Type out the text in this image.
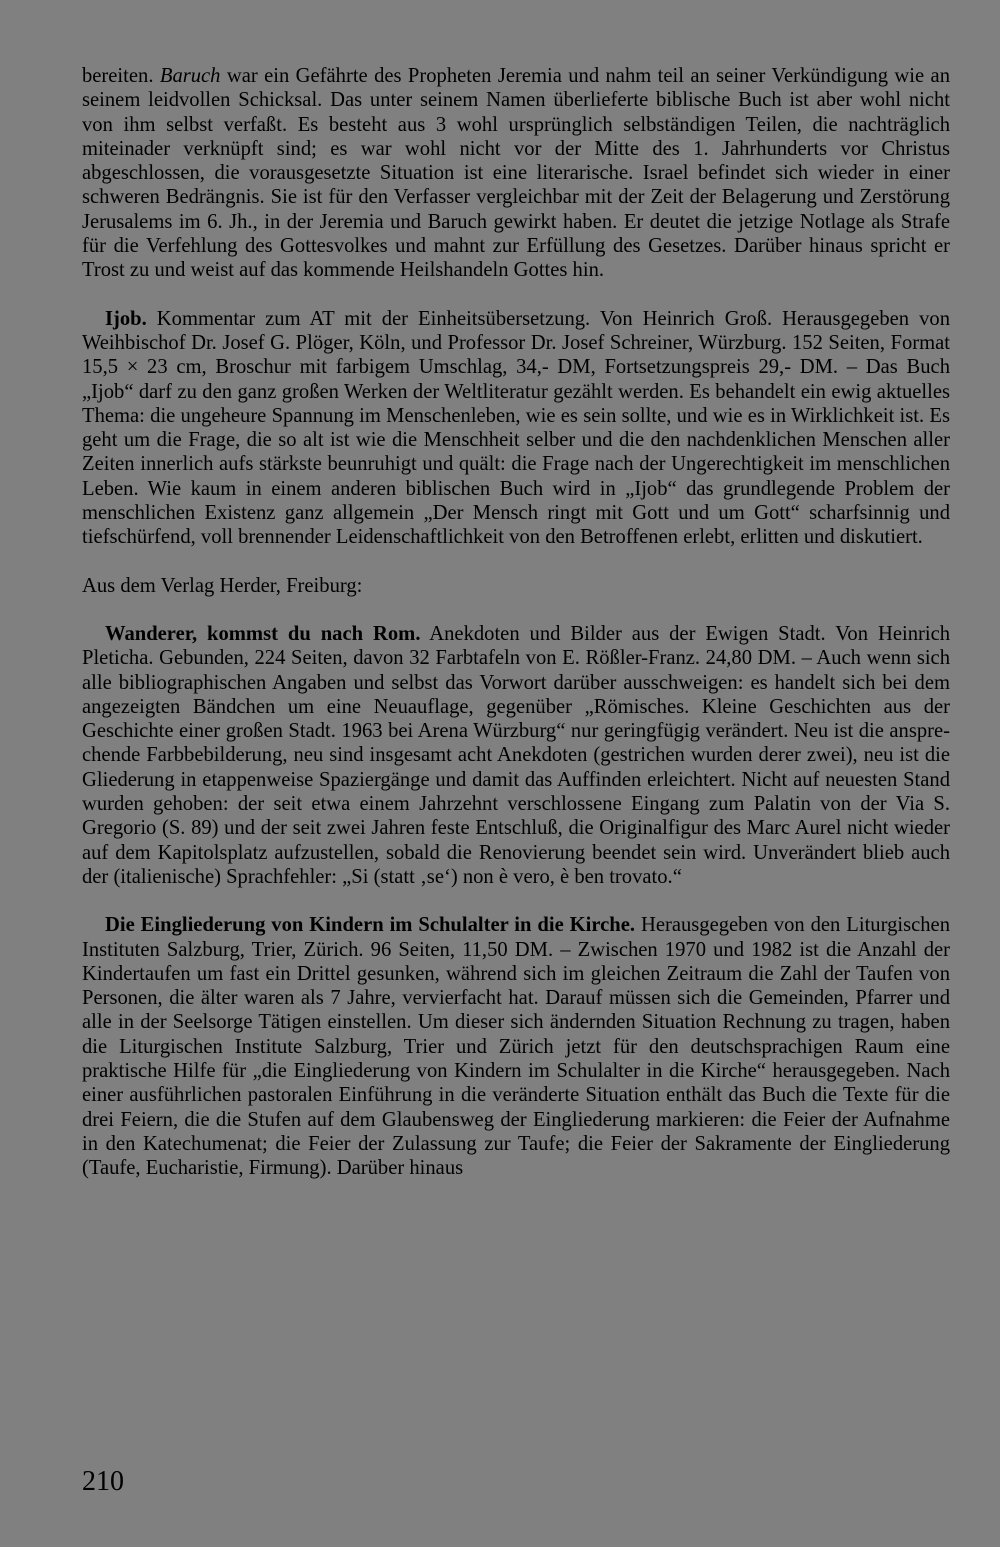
bereiten. Baruch war ein Gefährte des Propheten Jeremia und nahm teil an seiner Verkündigung wie an seinem leidvollen Schicksal. Das unter seinem Namen überlieferte biblische Buch ist aber wohl nicht von ihm selbst verfaßt. Es besteht aus 3 wohl ursprünglich selbständigen Teilen, die nachträglich miteinader verknüpft sind; es war wohl nicht vor der Mitte des 1. Jahrhunderts vor Christus abgeschlossen, die vorausgesetzte Situation ist eine literarische. Israel befindet sich wieder in einer schweren Bedrängnis. Sie ist für den Verfasser vergleichbar mit der Zeit der Belagerung und Zerstörung Jerusalems im 6. Jh., in der Jeremia und Baruch gewirkt haben. Er deutet die jetzige Notlage als Strafe für die Verfehlung des Gottesvolkes und mahnt zur Erfüllung des Gesetzes. Darüber hinaus spricht er Trost zu und weist auf das kommende Heilshandeln Gottes hin.

Ijob. Kommentar zum AT mit der Einheitsübersetzung. Von Heinrich Groß. Herausgegeben von Weihbischof Dr. Josef G. Plöger, Köln, und Professor Dr. Josef Schreiner, Würzburg. 152 Seiten, Format 15,5 × 23 cm, Broschur mit farbigem Umschlag, 34,- DM, Fortsetzungspreis 29,- DM. – Das Buch „Ijob“ darf zu den ganz großen Werken der Weltliteratur gezählt werden. Es behandelt ein ewig aktuelles Thema: die ungeheure Spannung im Menschenleben, wie es sein sollte, und wie es in Wirklichkeit ist. Es geht um die Frage, die so alt ist wie die Menschheit selber und die den nachdenklichen Menschen aller Zeiten innerlich aufs stärkste beunruhigt und quält: die Frage nach der Ungerechtigkeit im menschlichen Leben. Wie kaum in einem anderen biblischen Buch wird in „Ijob“ das grundlegende Problem der menschlichen Existenz ganz allgemein „Der Mensch ringt mit Gott und um Gott“ scharfsinnig und tiefschürfend, voll brennender Leidenschaftlichkeit von den Betroffenen erlebt, erlitten und diskutiert.

Aus dem Verlag Herder, Freiburg:

Wanderer, kommst du nach Rom. Anekdoten und Bilder aus der Ewigen Stadt. Von Heinrich Pleticha. Gebunden, 224 Seiten, davon 32 Farbtafeln von E. Rößler-Franz. 24,80 DM. – Auch wenn sich alle bibliographischen Angaben und selbst das Vorwort darüber ausschweigen: es handelt sich bei dem angezeigten Bändchen um eine Neuauflage, gegenüber „Römisches. Kleine Geschichten aus der Geschichte einer großen Stadt. 1963 bei Arena Würzburg“ nur geringfügig verändert. Neu ist die ansprechende Farbbebilderung, neu sind insgesamt acht Anekdoten (gestrichen wurden derer zwei), neu ist die Gliederung in etappenweise Spaziergänge und damit das Auffinden erleichtert. Nicht auf neuesten Stand wurden gehoben: der seit etwa einem Jahrzehnt verschlossene Eingang zum Palatin von der Via S. Gregorio (S. 89) und der seit zwei Jahren feste Entschluß, die Originalfigur des Marc Aurel nicht wieder auf dem Kapitolsplatz aufzustellen, sobald die Renovierung beendet sein wird. Unverändert blieb auch der (italienische) Sprachfehler: „Si (statt ‚se‘) non è vero, è ben trovato.“

Die Eingliederung von Kindern im Schulalter in die Kirche. Herausgegeben von den Liturgischen Instituten Salzburg, Trier, Zürich. 96 Seiten, 11,50 DM. – Zwischen 1970 und 1982 ist die Anzahl der Kindertaufen um fast ein Drittel gesunken, während sich im gleichen Zeitraum die Zahl der Taufen von Personen, die älter waren als 7 Jahre, vervierfacht hat. Darauf müssen sich die Gemeinden, Pfarrer und alle in der Seelsorge Tätigen einstellen. Um dieser sich ändernden Situation Rechnung zu tragen, haben die Liturgischen Institute Salzburg, Trier und Zürich jetzt für den deutschsprachigen Raum eine praktische Hilfe für „die Eingliederung von Kindern im Schulalter in die Kirche“ herausgegeben. Nach einer ausführlichen pastoralen Einführung in die veränderte Situation enthält das Buch die Texte für die drei Feiern, die die Stufen auf dem Glaubensweg der Eingliederung markieren: die Feier der Aufnahme in den Katechumenat; die Feier der Zulassung zur Taufe; die Feier der Sakramente der Eingliederung (Taufe, Eucharistie, Firmung). Darüber hinaus

210
